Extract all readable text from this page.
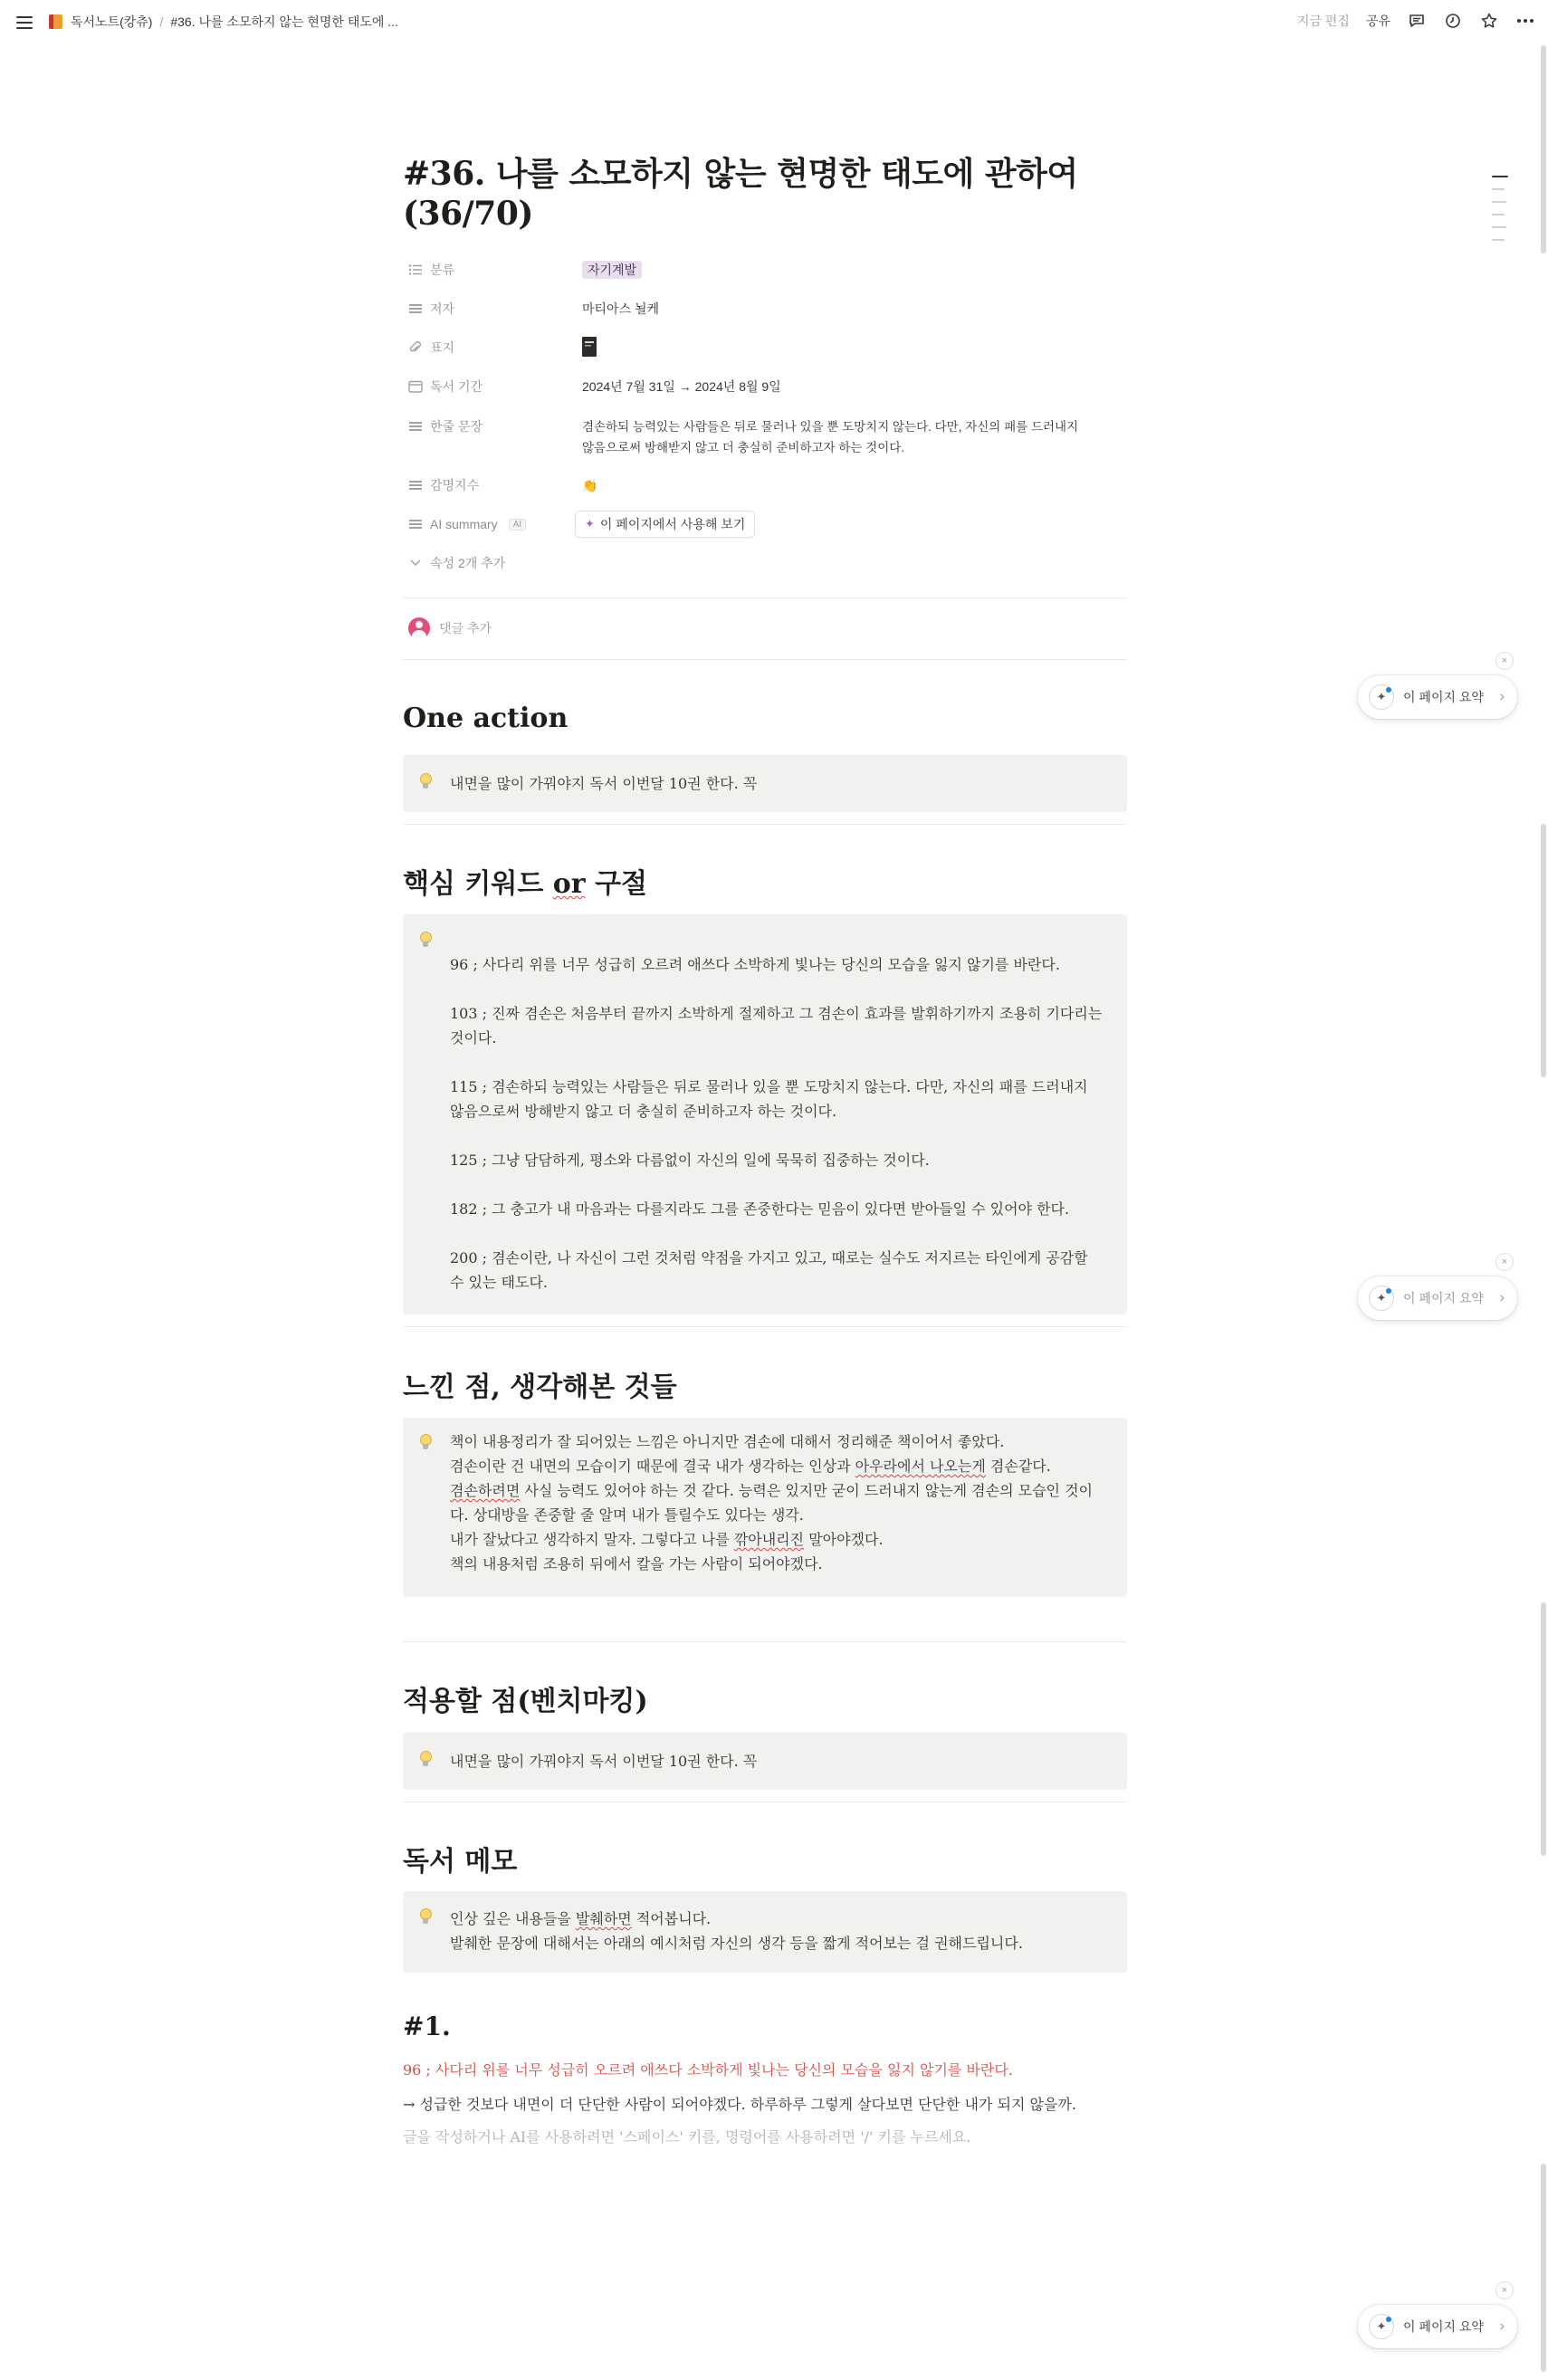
독서노트(캉츄) / #36. 나를 소모하지 않는 현명한 태도에 ...	지금 편집 공유
#36. 나를 소모하지 않는 현명한 태도에 관하여
(36/70)
분류	자기계발
저자	마티아스 뇔케
표지
독서 기간	2024년 7월 31일 → 2024년 8월 9일
한줄 문장	겸손하되 능력있는 사람들은 뒤로 물러나 있을 뿐 도망치지 않는다. 다만, 자신의 패를 드러내지
않음으로써 방해받지 않고 더 충실히 준비하고자 하는 것이다.
감명지수	👏
AI summary	AI	✦ 이 페이지에서 사용해 보기
속성 2개 추가
댓글 추가
One action
내면을 많이 가꿔야지 독서 이번달 10권 한다. 꼭
핵심 키워드 or 구절
96 ; 사다리 위를 너무 성급히 오르려 애쓰다 소박하게 빛나는 당신의 모습을 잃지 않기를 바란다.
103 ; 진짜 겸손은 처음부터 끝까지 소박하게 절제하고 그 겸손이 효과를 발휘하기까지 조용히 기다리는 것이다.
115 ; 겸손하되 능력있는 사람들은 뒤로 물러나 있을 뿐 도망치지 않는다. 다만, 자신의 패를 드러내지 않음으로써 방해받지 않고 더 충실히 준비하고자 하는 것이다.
125 ; 그냥 담담하게, 평소와 다름없이 자신의 일에 묵묵히 집중하는 것이다.
182 ; 그 충고가 내 마음과는 다를지라도 그를 존중한다는 믿음이 있다면 받아들일 수 있어야 한다.
200 ; 겸손이란, 나 자신이 그런 것처럼 약점을 가지고 있고, 때로는 실수도 저지르는 타인에게 공감할 수 있는 태도다.
느낀 점, 생각해본 것들
책이 내용정리가 잘 되어있는 느낌은 아니지만 겸손에 대해서 정리해준 책이어서 좋았다.
겸손이란 건 내면의 모습이기 때문에 결국 내가 생각하는 인상과 아우라에서 나오는게 겸손같다.
겸손하려면 사실 능력도 있어야 하는 것 같다. 능력은 있지만 굳이 드러내지 않는게 겸손의 모습인 것이다. 상대방을 존중할 줄 알며 내가 틀릴수도 있다는 생각.
내가 잘났다고 생각하지 말자. 그렇다고 나를 깎아내리진 말아야겠다.
책의 내용처럼 조용히 뒤에서 칼을 가는 사람이 되어야겠다.
적용할 점(벤치마킹)
내면을 많이 가꿔야지 독서 이번달 10권 한다. 꼭
독서 메모
인상 깊은 내용들을 발췌하면 적어봅니다.
발췌한 문장에 대해서는 아래의 예시처럼 자신의 생각 등을 짧게 적어보는 걸 권해드립니다.
#1.
96 ; 사다리 위를 너무 성급히 오르려 애쓰다 소박하게 빛나는 당신의 모습을 잃지 않기를 바란다.
→ 성급한 것보다 내면이 더 단단한 사람이 되어야겠다. 하루하루 그렇게 살다보면 단단한 내가 되지 않을까.
글을 작성하거나 AI를 사용하려면 '스페이스' 키를, 명령어를 사용하려면 '/' 키를 누르세요.
×
✦	이 페이지 요약 ›
×
✦	이 페이지 요약 ›
×
✦	이 페이지 요약 ›
